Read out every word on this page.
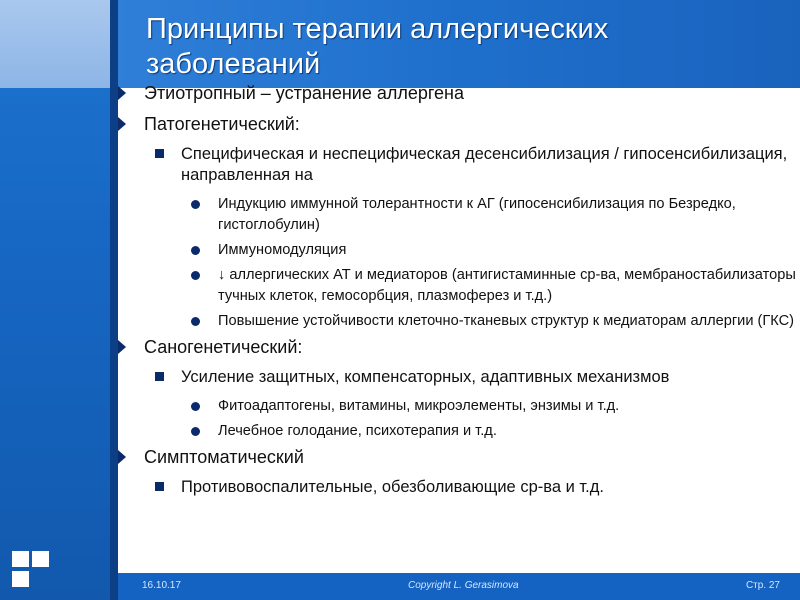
Принципы терапии аллергических заболеваний
Этиотропный – устранение аллергена
Патогенетический:
Специфическая и неспецифическая десенсибилизация / гипосенсибилизация, направленная на
Индукцию иммунной толерантности к АГ (гипосенсибилизация по Безредко, гистоглобулин)
Иммуномодуляция
↓ аллергических АТ и медиаторов (антигистаминные ср-ва, мембраностабилизаторы тучных клеток, гемосорбция, плазмоферез и т.д.)
Повышение устойчивости клеточно-тканевых структур к медиаторам аллергии (ГКС)
Саногенетический:
Усиление защитных, компенсаторных, адаптивных механизмов
Фитоадаптогены, витамины, микроэлементы, энзимы и т.д.
Лечебное голодание, психотерапия и т.д.
Симптоматический
Противовоспалительные, обезболивающие ср-ва и т.д.
16.10.17	Copyright L. Gerasimova	Стр. 27
